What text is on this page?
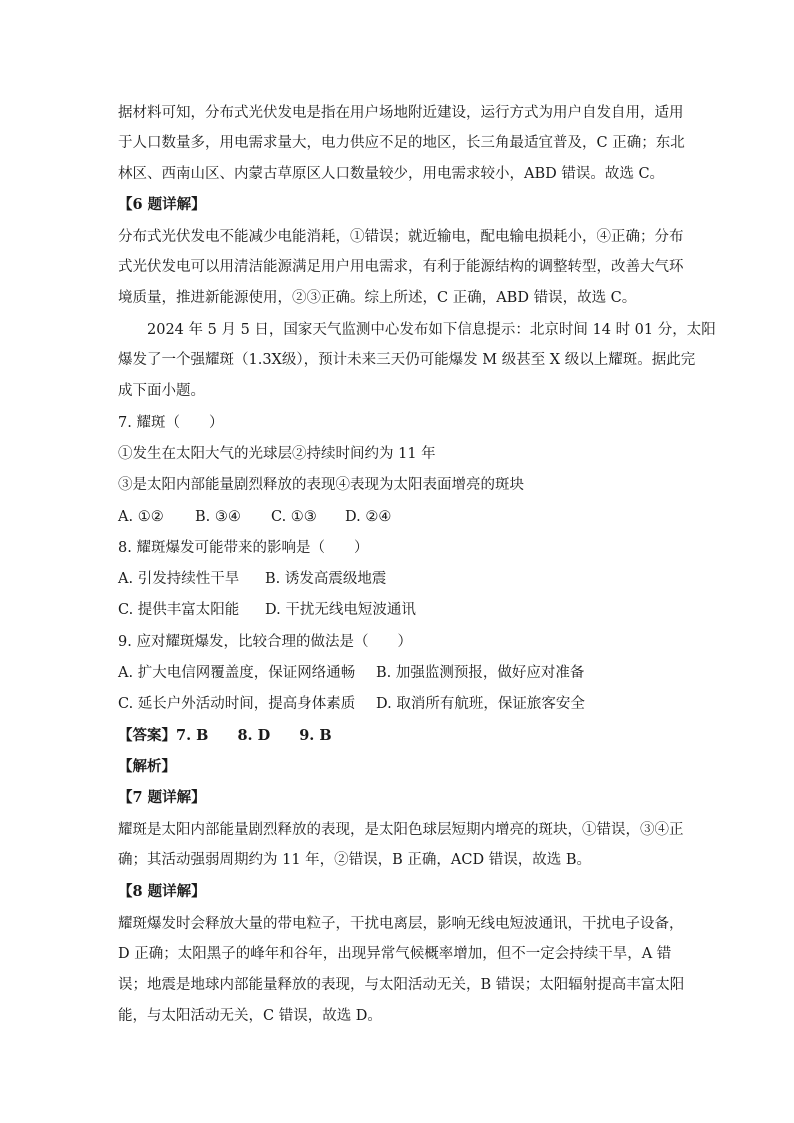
据材料可知，分布式光伏发电是指在用户场地附近建设，运行方式为用户自发自用，适用
于人口数量多，用电需求量大，电力供应不足的地区，长三角最适宜普及，C 正确；东北
林区、西南山区、内蒙古草原区人口数量较少，用电需求较小，ABD 错误。故选 C。
【6 题详解】
分布式光伏发电不能减少电能消耗，①错误；就近输电，配电输电损耗小，④正确；分布
式光伏发电可以用清洁能源满足用户用电需求，有利于能源结构的调整转型，改善大气环
境质量，推进新能源使用，②③正确。综上所述，C 正确，ABD 错误，故选 C。
2024 年 5 月 5 日，国家天气监测中心发布如下信息提示：北京时间 14 时 01 分，太阳
爆发了一个强耀斑（1.3X级），预计未来三天仍可能爆发 M 级甚至 X 级以上耀斑。据此完
成下面小题。
7. 耀斑（　　）
①发生在太阳大气的光球层②持续时间约为 11 年
③是太阳内部能量剧烈释放的表现④表现为太阳表面增亮的斑块
A. ①② B. ③④ C. ①③ D. ②④
8. 耀斑爆发可能带来的影响是（　　）
A. 引发持续性干旱 B. 诱发高震级地震
C. 提供丰富太阳能 D. 干扰无线电短波通讯
9. 应对耀斑爆发，比较合理的做法是（　　）
A. 扩大电信网覆盖度，保证网络通畅 B. 加强监测预报，做好应对准备
C. 延长户外活动时间，提高身体素质 D. 取消所有航班，保证旅客安全
【答案】7. B　　8. D　　9. B
【解析】
【7 题详解】
耀斑是太阳内部能量剧烈释放的表现，是太阳色球层短期内增亮的斑块，①错误，③④正
确；其活动强弱周期约为 11 年，②错误，B 正确，ACD 错误，故选 B。
【8 题详解】
耀斑爆发时会释放大量的带电粒子，干扰电离层，影响无线电短波通讯，干扰电子设备，
D 正确；太阳黑子的峰年和谷年，出现异常气候概率增加，但不一定会持续干旱，A 错
误；地震是地球内部能量释放的表现，与太阳活动无关，B 错误；太阳辐射提高丰富太阳
能，与太阳活动无关，C 错误，故选 D。
